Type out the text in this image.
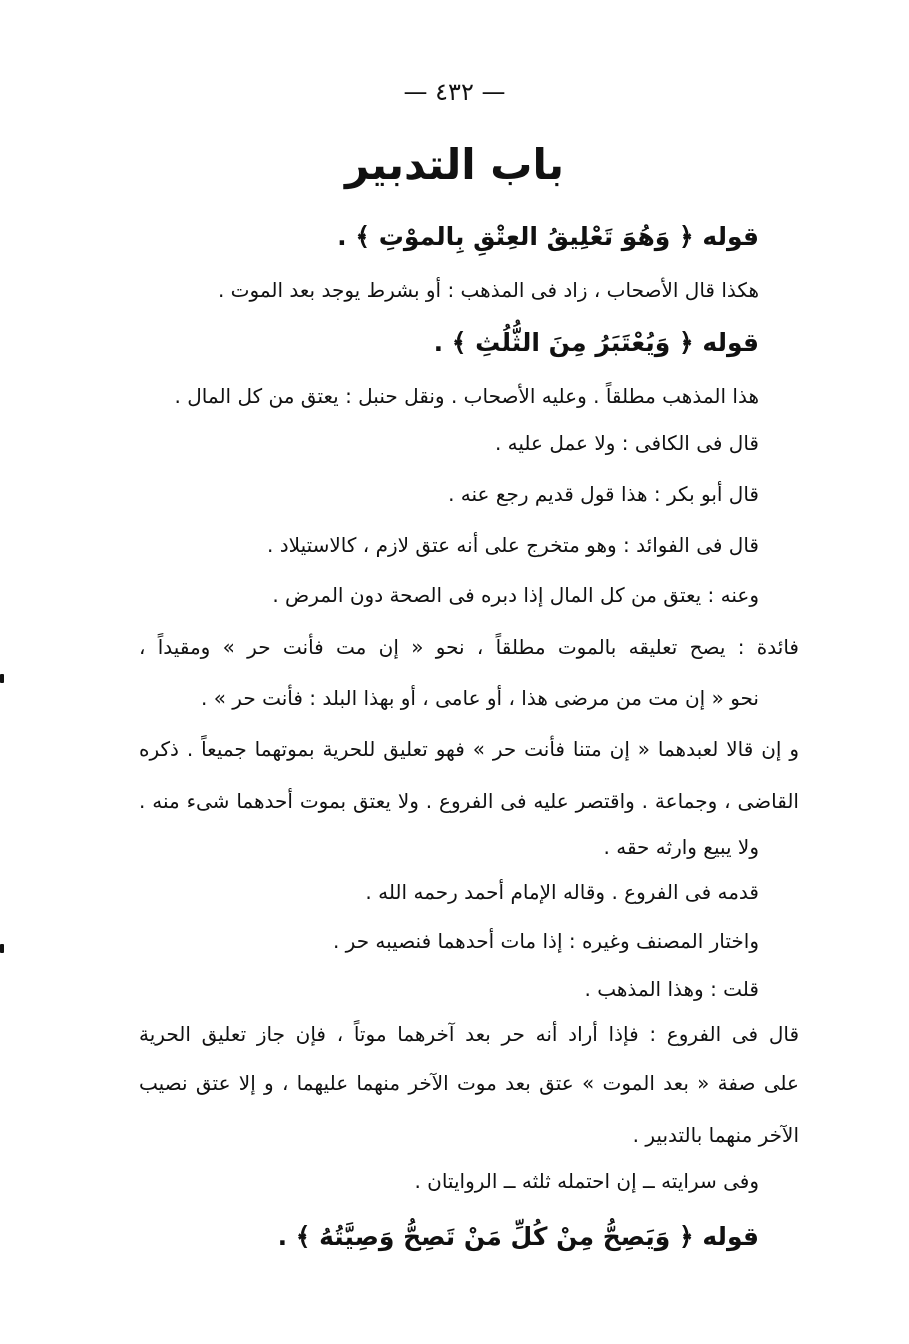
— ٤٣٢ —
باب التدبير
قوله ﴿ وَهُوَ تَعْلِيقُ العِتْقِ بِالموْتِ ﴾ .
هكذا قال الأصحاب ، زاد فى المذهب : أو بشرط يوجد بعد الموت .
قوله ﴿ وَيُعْتَبَرُ مِنَ الثُّلُثِ ﴾ .
هذا المذهب مطلقاً . وعليه الأصحاب . ونقل حنبل : يعتق من كل المال .
قال فى الكافى : ولا عمل عليه .
قال أبو بكر : هذا قول قديم رجع عنه .
قال فى الفوائد : وهو متخرج على أنه عتق لازم ، كالاستيلاد .
وعنه : يعتق من كل المال إذا دبره فى الصحة دون المرض .
فائدة : يصح تعليقه بالموت مطلقاً ، نحو « إن مت فأنت حر » ومقيداً ،
نحو « إن مت من مرضى هذا ، أو عامى ، أو بهذا البلد : فأنت حر » .
و إن قالا لعبدهما « إن متنا فأنت حر » فهو تعليق للحرية بموتهما جميعاً . ذكره
القاضى ، وجماعة . واقتصر عليه فى الفروع . ولا يعتق بموت أحدهما شىء منه .
ولا يبيع وارثه حقه .
قدمه فى الفروع . وقاله الإمام أحمد رحمه الله .
واختار المصنف وغيره : إذا مات أحدهما فنصيبه حر .
قلت : وهذا المذهب .
قال فى الفروع : فإذا أراد أنه حر بعد آخرهما موتاً ، فإن جاز تعليق الحرية
على صفة « بعد الموت » عتق بعد موت الآخر منهما عليهما ، و إلا عتق نصيب
الآخر منهما بالتدبير .
وفى سرايته ــ إن احتمله ثلثه ــ الروايتان .
قوله ﴿ وَيَصِحُّ مِنْ كُلِّ مَنْ تَصِحُّ وَصِيَّتُهُ ﴾ .
